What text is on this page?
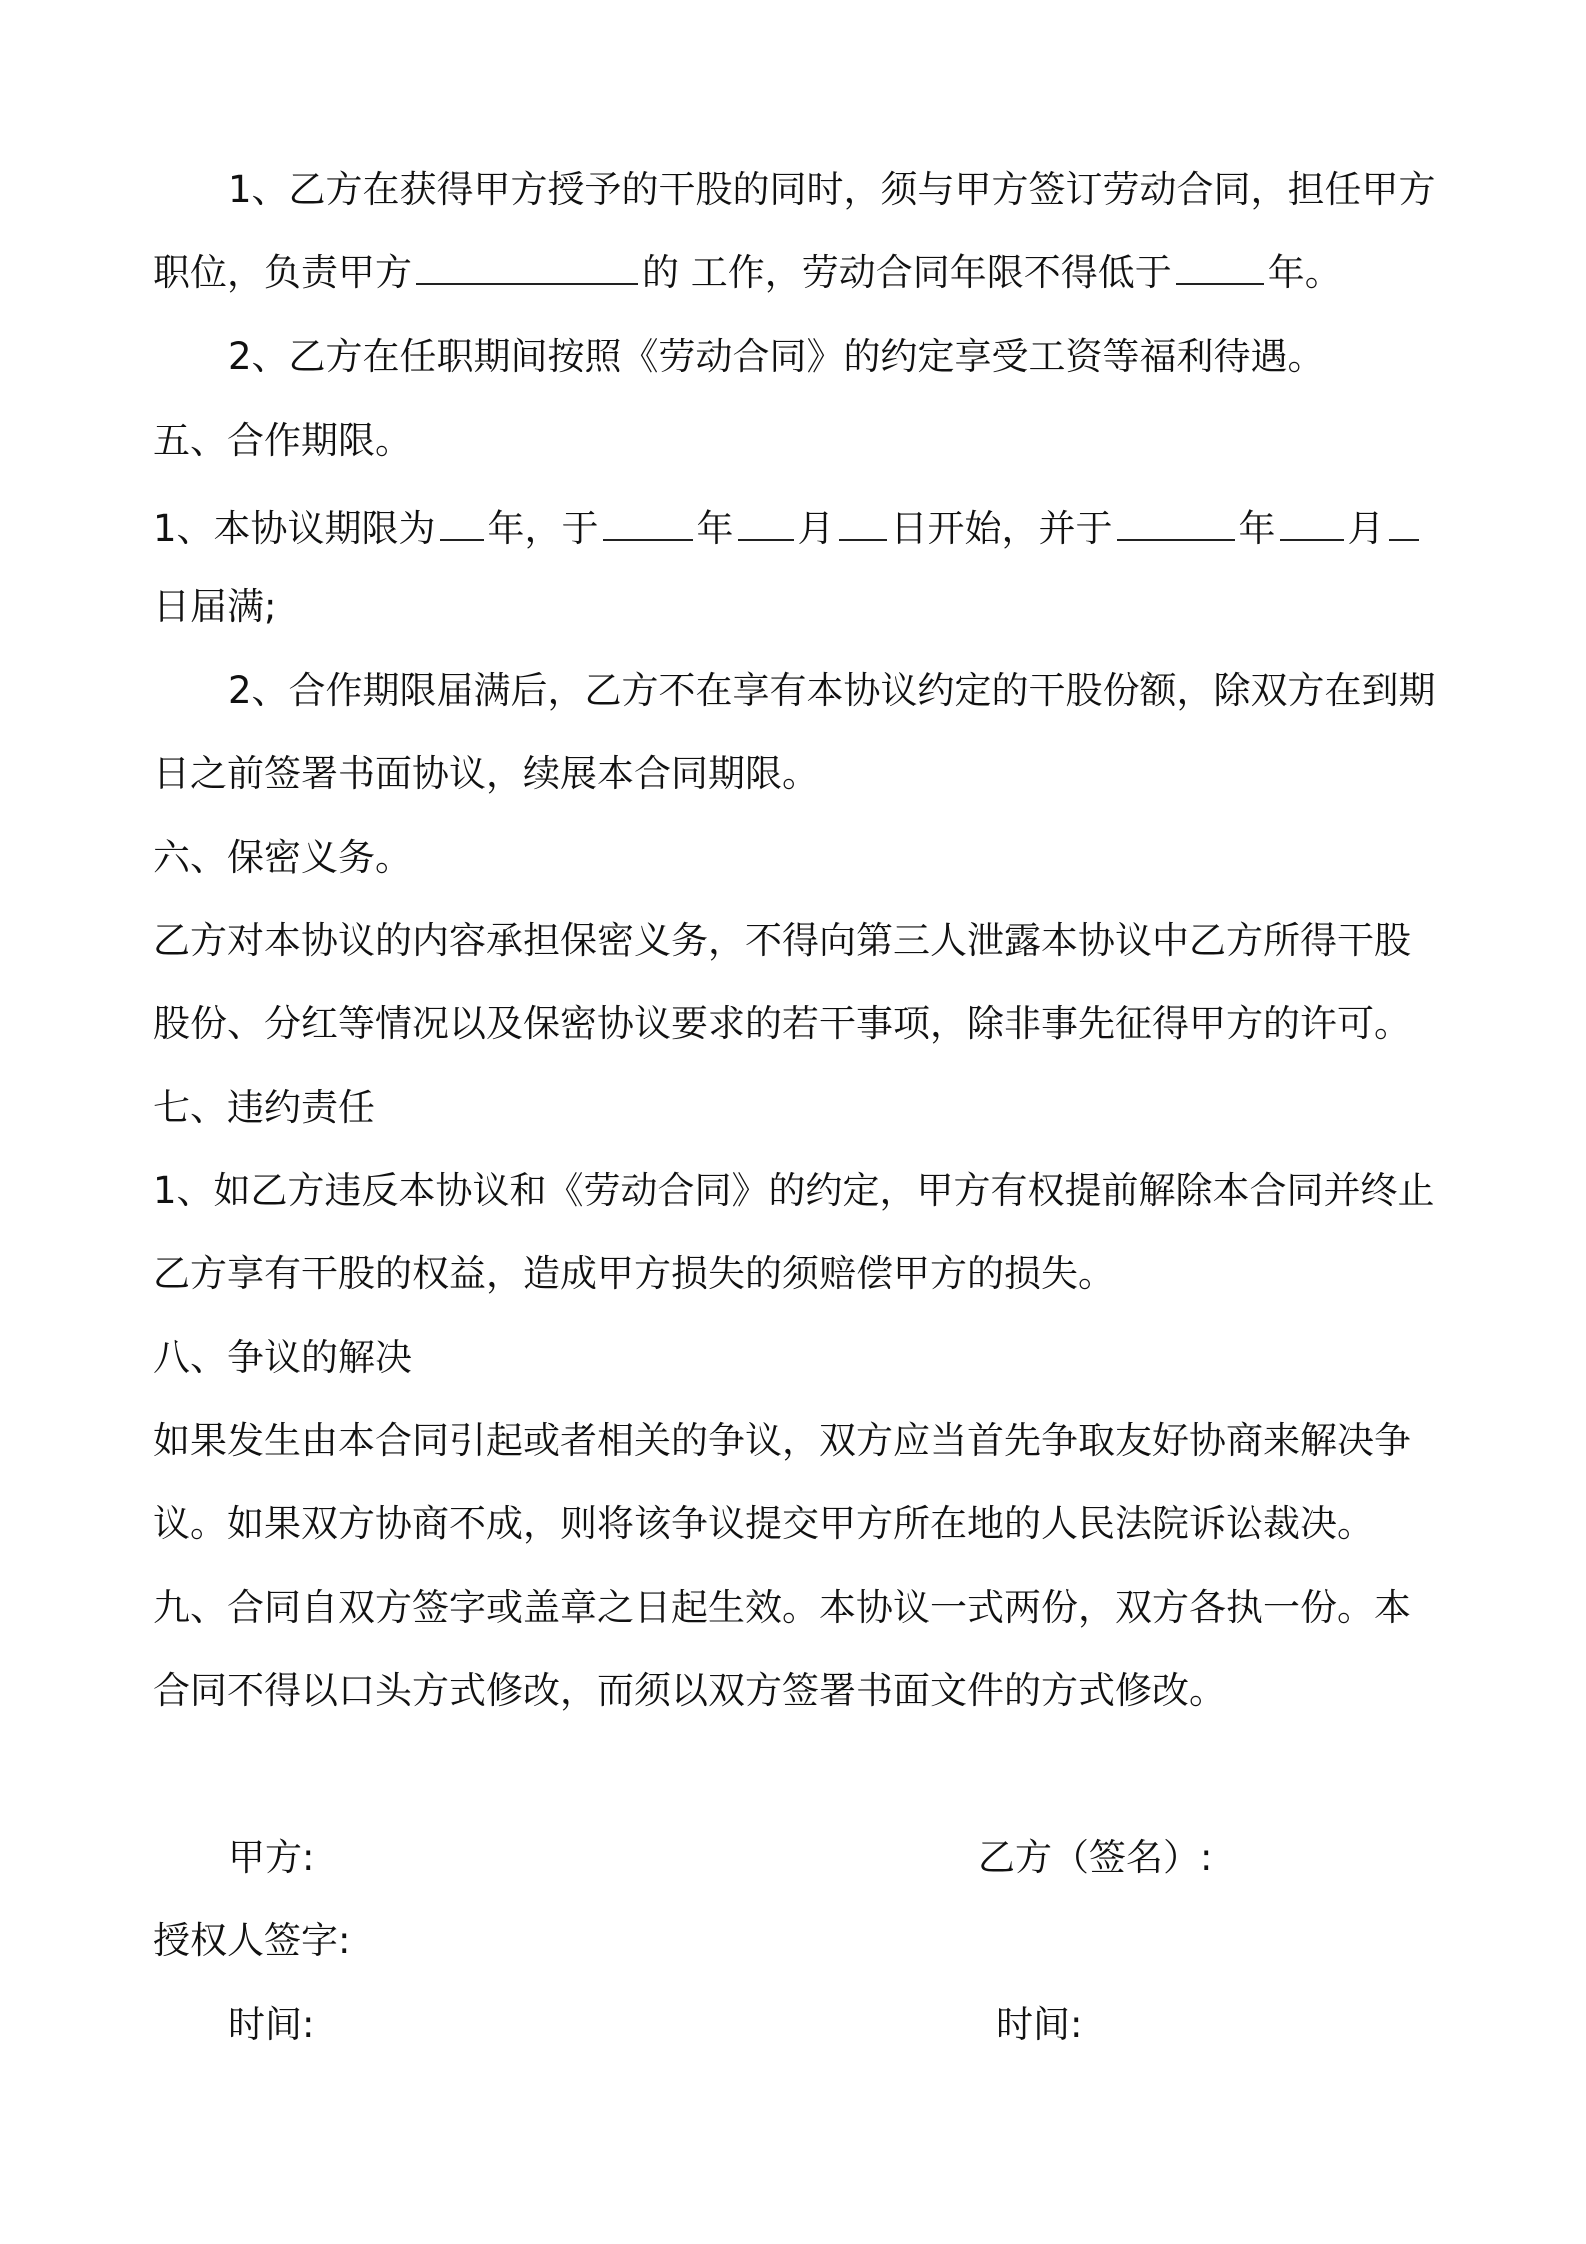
1、乙方在获得甲方授予的干股的同时，须与甲方签订劳动合同，担任甲方
职位，负责甲方	的 工作，劳动合同年限不得低于	年。
2、乙方在任职期间按照《劳动合同》的约定享受工资等福利待遇。
五、合作期限。
1、本协议期限为 年，于	年 月 日开始，并于	年 月
日届满;
2、合作期限届满后，乙方不在享有本协议约定的干股份额，除双方在到期
日之前签署书面协议，续展本合同期限。
六、保密义务。
乙方对本协议的内容承担保密义务，不得向第三人泄露本协议中乙方所得干股
股份、分红等情况以及保密协议要求的若干事项，除非事先征得甲方的许可。
七、违约责任
1、如乙方违反本协议和《劳动合同》的约定，甲方有权提前解除本合同并终止
乙方享有干股的权益，造成甲方损失的须赔偿甲方的损失。
八、争议的解决
如果发生由本合同引起或者相关的争议，双方应当首先争取友好协商来解决争
议。如果双方协商不成，则将该争议提交甲方所在地的人民法院诉讼裁决。
九、合同自双方签字或盖章之日起生效。本协议一式两份，双方各执一份。本
合同不得以口头方式修改，而须以双方签署书面文件的方式修改。
甲方:	乙方（签名）:
授权人签字:
时间:	时间:
